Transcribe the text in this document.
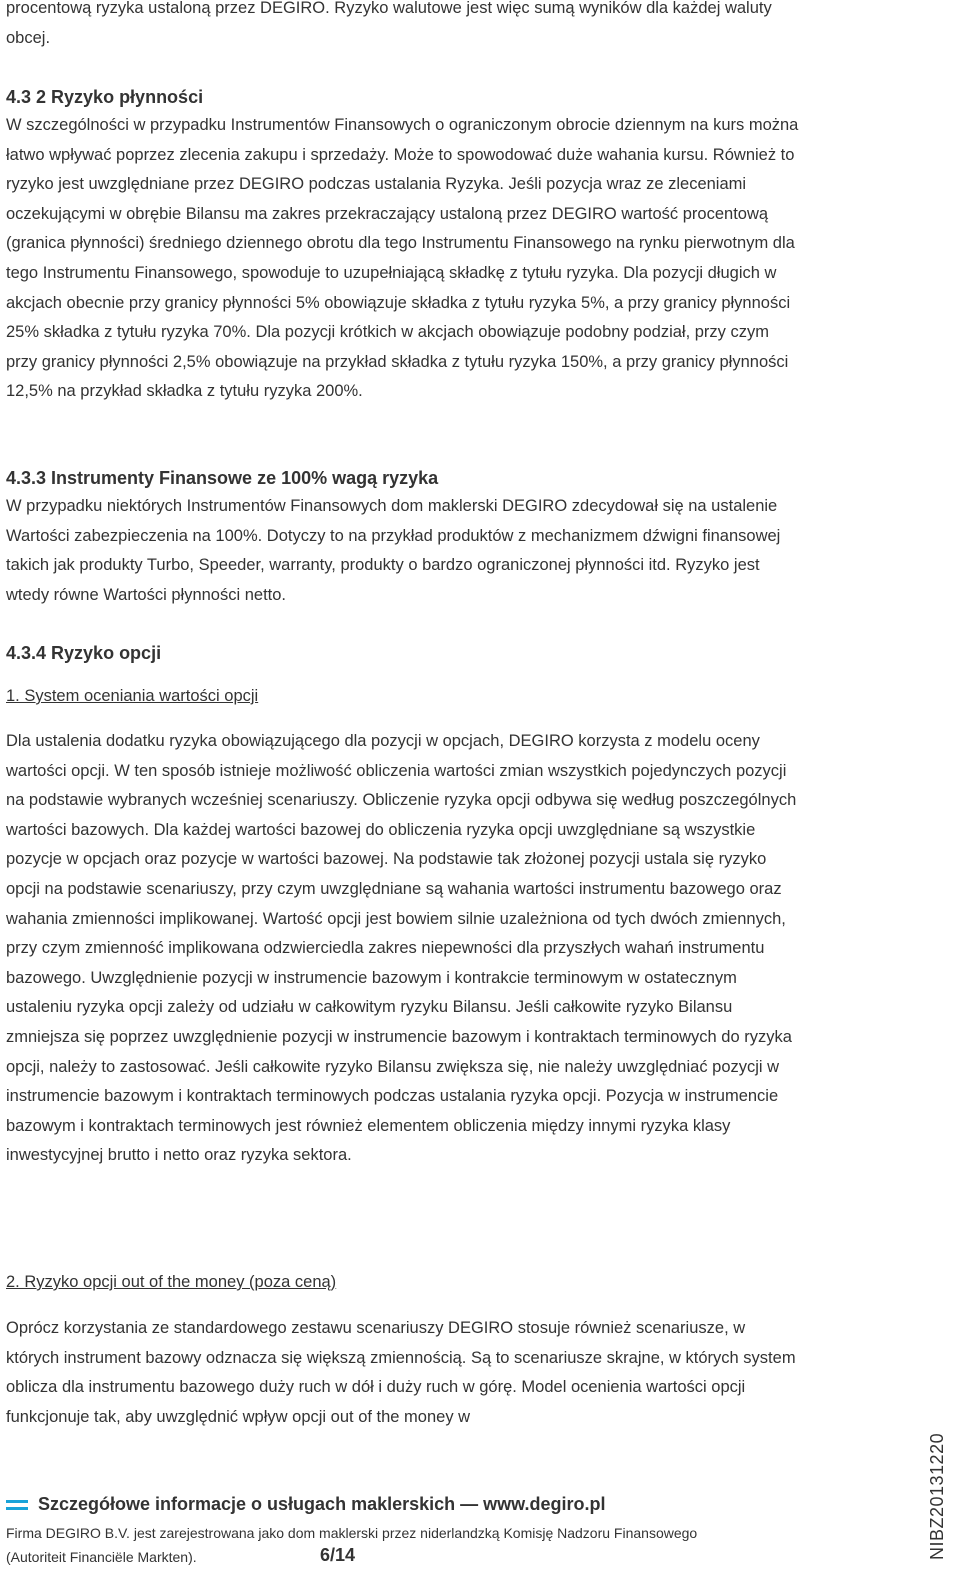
procentową ryzyka ustaloną przez DEGIRO. Ryzyko walutowe jest więc sumą wyników dla każdej waluty obcej.

4.3 2 Ryzyko płynności

W szczególności w przypadku Instrumentów Finansowych o ograniczonym obrocie dziennym na kurs można łatwo wpływać poprzez zlecenia zakupu i sprzedaży. Może to spowodować duże wahania kursu. Również to ryzyko jest uwzględniane przez DEGIRO podczas ustalania Ryzyka. Jeśli pozycja wraz ze zleceniami oczekującymi w obrębie Bilansu ma zakres przekraczający ustaloną przez DEGIRO wartość procentową (granica płynności) średniego dziennego obrotu dla tego Instrumentu Finansowego na rynku pierwotnym dla tego Instrumentu Finansowego, spowoduje to uzupełniającą składkę z tytułu ryzyka. Dla pozycji długich w akcjach obecnie przy granicy płynności 5% obowiązuje składka z tytułu ryzyka 5%, a przy granicy płynności 25% składka z tytułu ryzyka 70%. Dla pozycji krótkich w akcjach obowiązuje podobny podział, przy czym przy granicy płynności 2,5% obowiązuje na przykład składka z tytułu ryzyka 150%, a przy granicy płynności 12,5% na przykład składka z tytułu ryzyka 200%.

4.3.3 Instrumenty Finansowe ze 100% wagą ryzyka

W przypadku niektórych Instrumentów Finansowych dom maklerski DEGIRO zdecydował się na ustalenie Wartości zabezpieczenia na 100%. Dotyczy to na przykład produktów z mechanizmem dźwigni finansowej takich jak produkty Turbo, Speeder, warranty, produkty o bardzo ograniczonej płynności itd. Ryzyko jest wtedy równe Wartości płynności netto.

4.3.4 Ryzyko opcji

1. System oceniania wartości opcji

Dla ustalenia dodatku ryzyka obowiązującego dla pozycji w opcjach, DEGIRO korzysta z modelu oceny wartości opcji. W ten sposób istnieje możliwość obliczenia wartości zmian wszystkich pojedynczych pozycji na podstawie wybranych wcześniej scenariuszy. Obliczenie ryzyka opcji odbywa się według poszczególnych wartości bazowych. Dla każdej wartości bazowej do obliczenia ryzyka opcji uwzględniane są wszystkie pozycje w opcjach oraz pozycje w wartości bazowej. Na podstawie tak złożonej pozycji ustala się ryzyko opcji na podstawie scenariuszy, przy czym uwzględniane są wahania wartości instrumentu bazowego oraz wahania zmienności implikowanej. Wartość opcji jest bowiem silnie uzależniona od tych dwóch zmiennych, przy czym zmienność implikowana odzwierciedla zakres niepewności dla przyszłych wahań instrumentu bazowego. Uwzględnienie pozycji w instrumencie bazowym i kontrakcie terminowym w ostatecznym ustaleniu ryzyka opcji zależy od udziału w całkowitym ryzyku Bilansu. Jeśli całkowite ryzyko Bilansu zmniejsza się poprzez uwzględnienie pozycji w instrumencie bazowym i kontraktach terminowych do ryzyka opcji, należy to zastosować. Jeśli całkowite ryzyko Bilansu zwiększa się, nie należy uwzględniać pozycji w instrumencie bazowym i kontraktach terminowych podczas ustalania ryzyka opcji. Pozycja w instrumencie bazowym i kontraktach terminowych jest również elementem obliczenia między innymi ryzyka klasy inwestycyjnej brutto i netto oraz ryzyka sektora.

2. Ryzyko opcji out of the money (poza ceną)

Oprócz korzystania ze standardowego zestawu scenariuszy DEGIRO stosuje również scenariusze, w których instrument bazowy odznacza się większą zmiennością. Są to scenariusze skrajne, w których system oblicza dla instrumentu bazowego duży ruch w dół i duży ruch w górę. Model ocenienia wartości opcji funkcjonuje tak, aby uwzględnić wpływ opcji out of the money w

Szczegółowe informacje o usługach maklerskich — www.degiro.pl
Firma DEGIRO B.V. jest zarejestrowana jako dom maklerski przez niderlandzką Komisję Nadzoru Finansowego
(Autoriteit Financiële Markten).	6/14	NIBZ20131220
